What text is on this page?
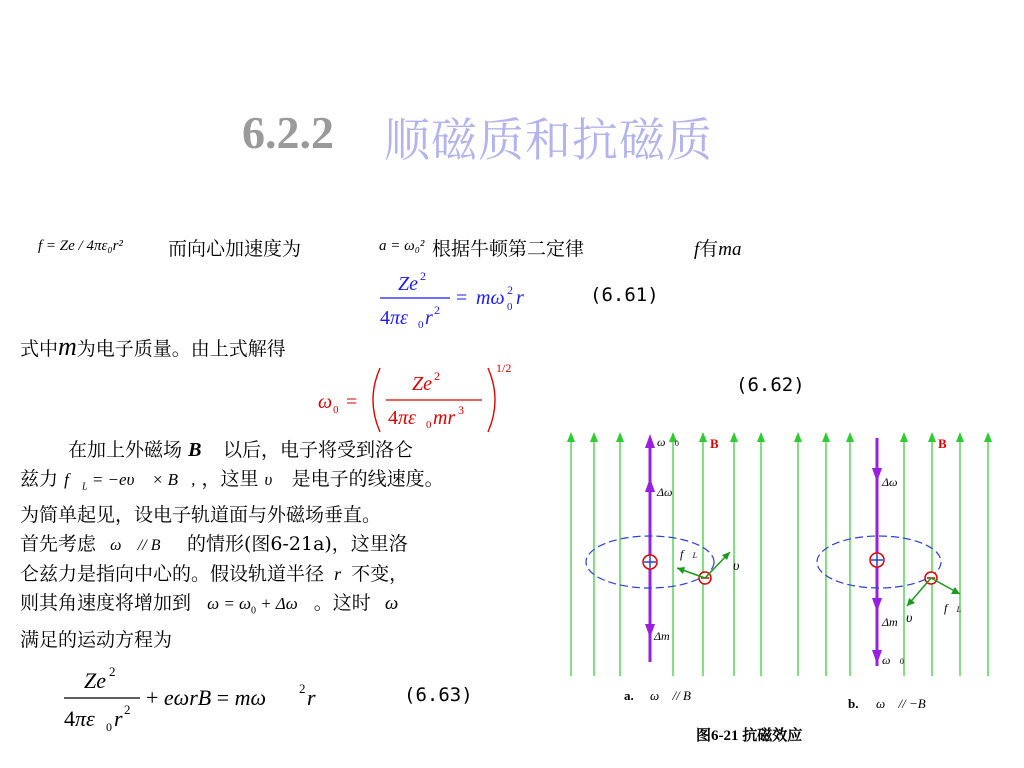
6.2.2 顺磁质和抗磁质
f = Ze / 4πε₀r² 而向心加速度为	a = ω₀² 根据牛顿第二定律	f有ma
Ze 2
4πε 0 r 2
= mω 2
0 r	(6.61)
式中m为电子质量。由上式解得
ω 0 =
Ze 2
4πε 0 mr 3
1/2
(6.62)
在加上外磁场 B⃗ 以后，电子将受到洛仑
兹力 $f⃗_L$ = −eυ⃗ × B⃗, ，这里 υ⃗ 是电子的线速度。
为简单起见，设电子轨道面与外磁场垂直。
首先考虑 ω⃗ // B⃗ 的情形(图6-21a)，这里洛
仑兹力是指向中心的。假设轨道半径 r 不变，
则其角速度将增加到 $\omega = \omega_0 + \Delta\omega$ 。这时 ω
满足的运动方程为
Ze 2
4πε 0 r 2 + eωrB = mω	2 r	(6.63)
ω⃗0
Δω⃗
Δm⃗
f⃗L
υ⃗
B
Δω⃗
Δm⃗
ω⃗0
υ⃗
f⃗L
B
a. ω⃗ // B⃗
b. ω⃗ // −B⃗
图6-21 抗磁效应
